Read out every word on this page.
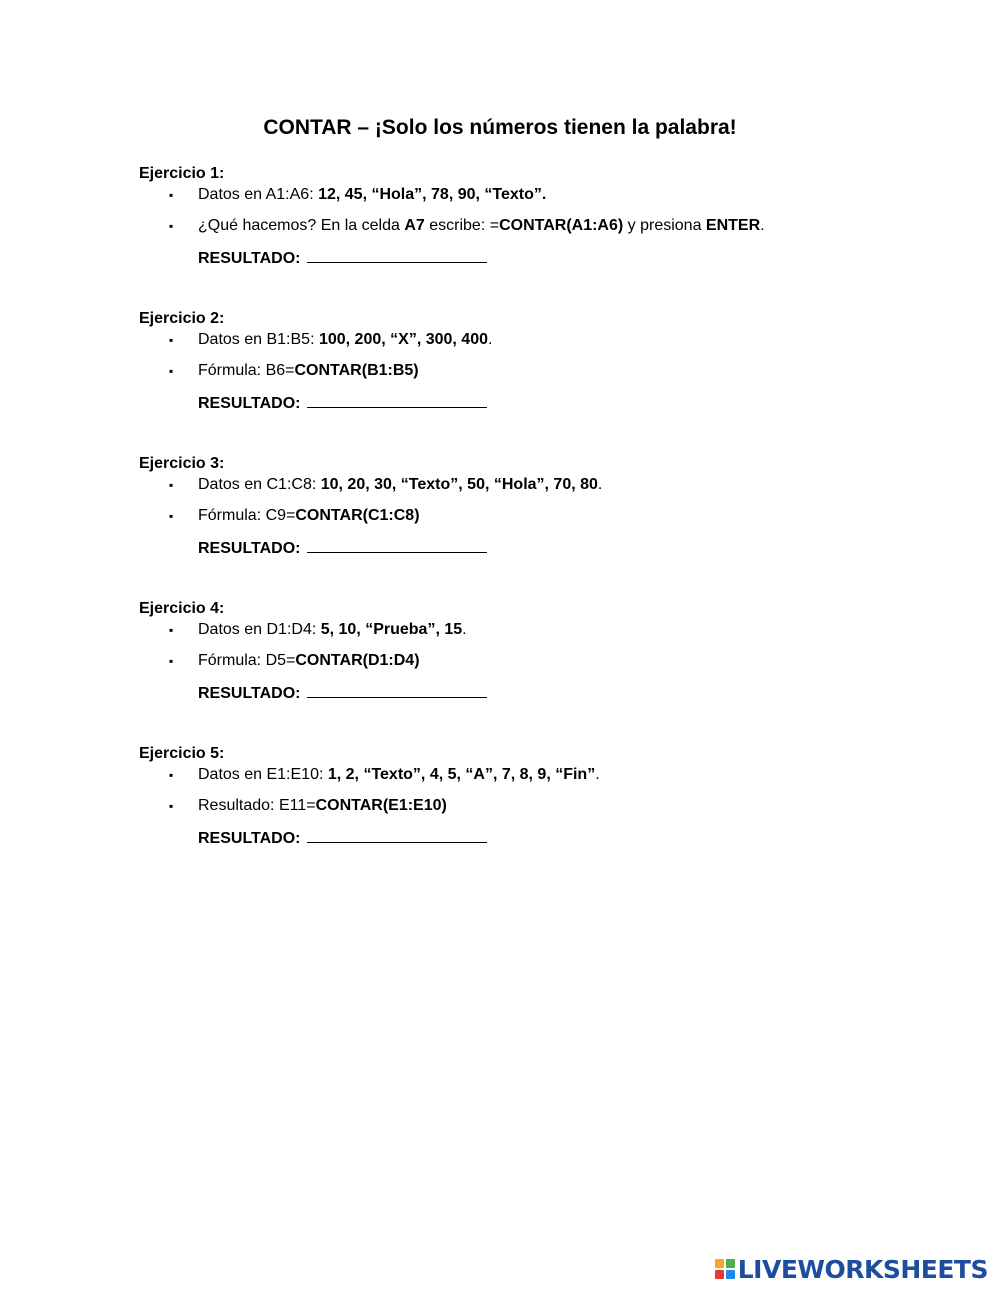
CONTAR – ¡Solo los números tienen la palabra!
Ejercicio 1:
▪ Datos en A1:A6: 12, 45, “Hola”, 78, 90, “Texto”.
▪ ¿Qué hacemos? En la celda A7 escribe: =CONTAR(A1:A6) y presiona ENTER.
RESULTADO:
Ejercicio 2:
▪ Datos en B1:B5: 100, 200, “X”, 300, 400.
▪ Fórmula: B6=CONTAR(B1:B5)
RESULTADO:
Ejercicio 3:
▪ Datos en C1:C8: 10, 20, 30, “Texto”, 50, “Hola”, 70, 80.
▪ Fórmula: C9=CONTAR(C1:C8)
RESULTADO:
Ejercicio 4:
▪ Datos en D1:D4: 5, 10, “Prueba”, 15.
▪ Fórmula: D5=CONTAR(D1:D4)
RESULTADO:
Ejercicio 5:
▪ Datos en E1:E10: 1, 2, “Texto”, 4, 5, “A”, 7, 8, 9, “Fin”.
▪ Resultado: E11=CONTAR(E1:E10)
RESULTADO:
LIVEWORKSHEETS
